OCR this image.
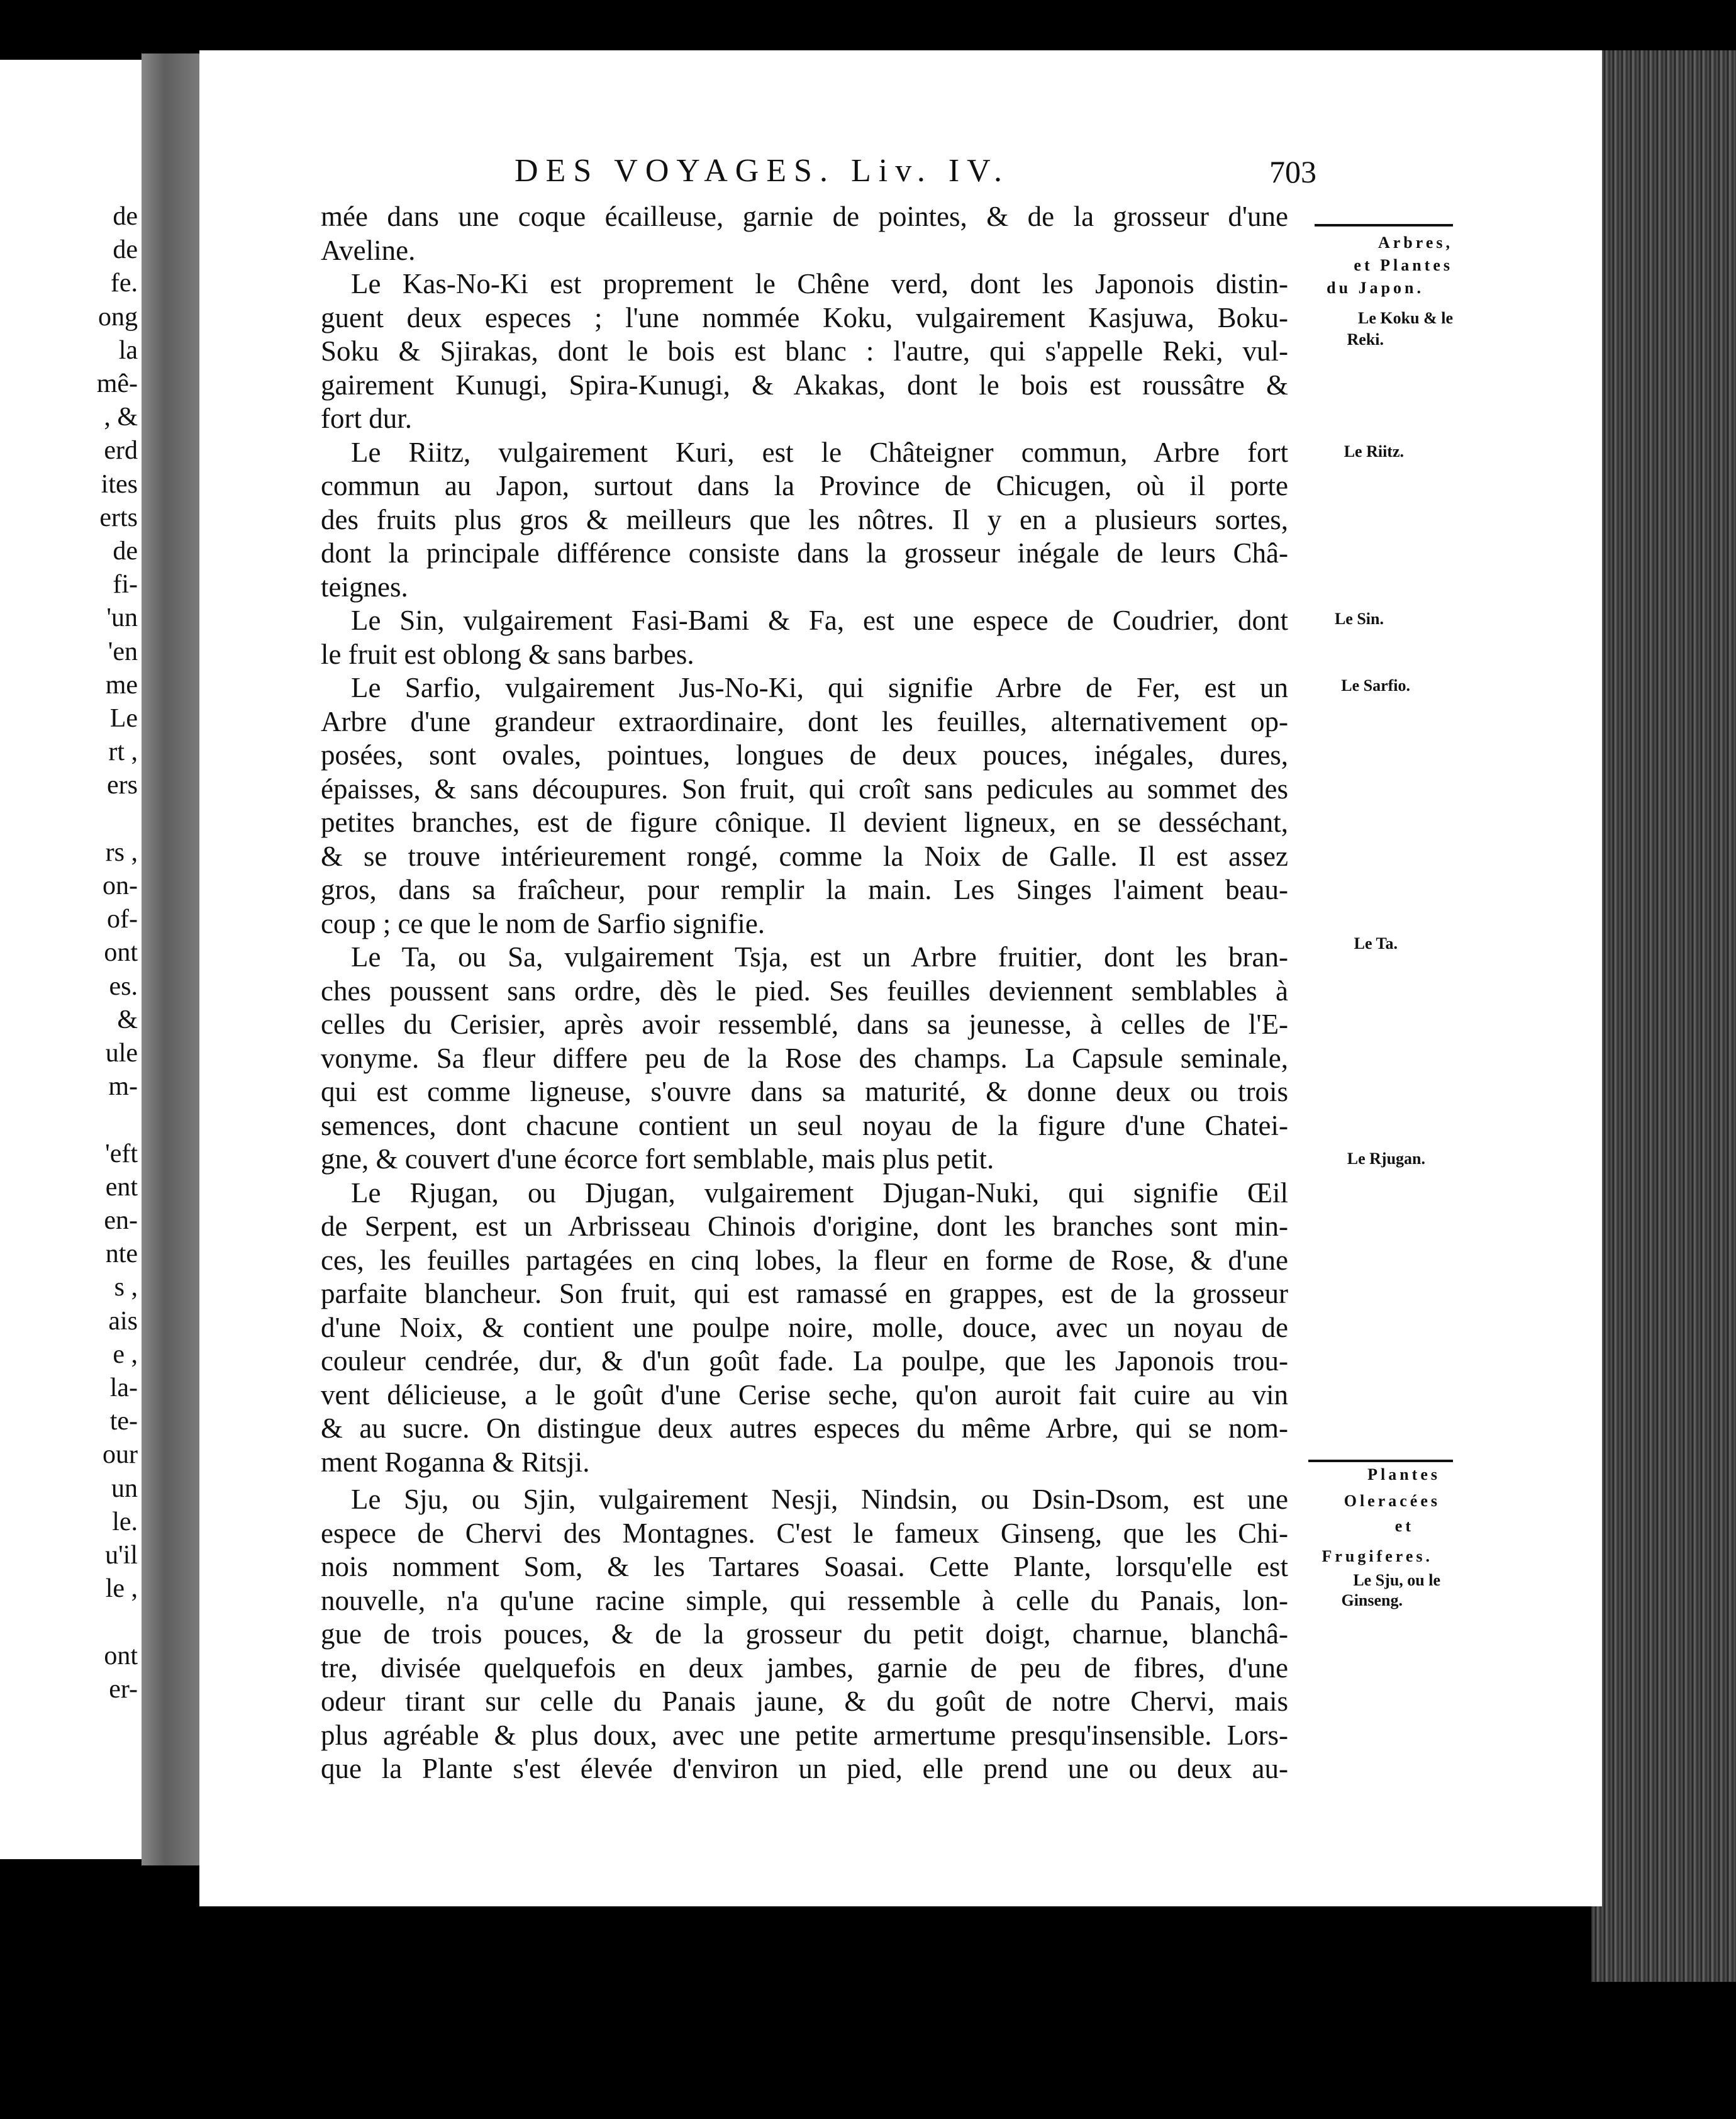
de
de
fe.
ong
la
mê-
, &
erd
ites
erts
de
fi-
'un
'en
me
Le
rt ,
ers
rs ,
on-
of-
ont
es.
&
ule
m-
'eft
ent
en-
nte
s ,
ais
e ,
la-
te-
our
un
le.
u'il
le ,
ont
er-
DES VOYAGES. Liv. IV.	703
mée dans une coque écailleuse, garnie de pointes, & de la grosseur d'une
Aveline.
Le Kas-No-Ki est proprement le Chêne verd, dont les Japonois distin-
guent deux especes ; l'une nommée Koku, vulgairement Kasjuwa, Boku-
Soku & Sjirakas, dont le bois est blanc : l'autre, qui s'appelle Reki, vul-
gairement Kunugi, Spira-Kunugi, & Akakas, dont le bois est roussâtre &
fort dur.
Le Riitz, vulgairement Kuri, est le Châteigner commun, Arbre fort
commun au Japon, surtout dans la Province de Chicugen, où il porte
des fruits plus gros & meilleurs que les nôtres. Il y en a plusieurs sortes,
dont la principale différence consiste dans la grosseur inégale de leurs Châ-
teignes.
Le Sin, vulgairement Fasi-Bami & Fa, est une espece de Coudrier, dont
le fruit est oblong & sans barbes.
Le Sarfio, vulgairement Jus-No-Ki, qui signifie Arbre de Fer, est un
Arbre d'une grandeur extraordinaire, dont les feuilles, alternativement op-
posées, sont ovales, pointues, longues de deux pouces, inégales, dures,
épaisses, & sans découpures. Son fruit, qui croît sans pedicules au sommet des
petites branches, est de figure cônique. Il devient ligneux, en se desséchant,
& se trouve intérieurement rongé, comme la Noix de Galle. Il est assez
gros, dans sa fraîcheur, pour remplir la main. Les Singes l'aiment beau-
coup ; ce que le nom de Sarfio signifie.
Le Ta, ou Sa, vulgairement Tsja, est un Arbre fruitier, dont les bran-
ches poussent sans ordre, dès le pied. Ses feuilles deviennent semblables à
celles du Cerisier, après avoir ressemblé, dans sa jeunesse, à celles de l'E-
vonyme. Sa fleur differe peu de la Rose des champs. La Capsule seminale,
qui est comme ligneuse, s'ouvre dans sa maturité, & donne deux ou trois
semences, dont chacune contient un seul noyau de la figure d'une Chatei-
gne, & couvert d'une écorce fort semblable, mais plus petit.
Le Rjugan, ou Djugan, vulgairement Djugan-Nuki, qui signifie Œil
de Serpent, est un Arbrisseau Chinois d'origine, dont les branches sont min-
ces, les feuilles partagées en cinq lobes, la fleur en forme de Rose, & d'une
parfaite blancheur. Son fruit, qui est ramassé en grappes, est de la grosseur
d'une Noix, & contient une poulpe noire, molle, douce, avec un noyau de
couleur cendrée, dur, & d'un goût fade. La poulpe, que les Japonois trou-
vent délicieuse, a le goût d'une Cerise seche, qu'on auroit fait cuire au vin
& au sucre. On distingue deux autres especes du même Arbre, qui se nom-
ment Roganna & Ritsji.
Le Sju, ou Sjin, vulgairement Nesji, Nindsin, ou Dsin-Dsom, est une
espece de Chervi des Montagnes. C'est le fameux Ginseng, que les Chi-
nois nomment Som, & les Tartares Soasai. Cette Plante, lorsqu'elle est
nouvelle, n'a qu'une racine simple, qui ressemble à celle du Panais, lon-
gue de trois pouces, & de la grosseur du petit doigt, charnue, blanchâ-
tre, divisée quelquefois en deux jambes, garnie de peu de fibres, d'une
odeur tirant sur celle du Panais jaune, & du goût de notre Chervi, mais
plus agréable & plus doux, avec une petite armertume presqu'insensible. Lors-
que la Plante s'est élevée d'environ un pied, elle prend une ou deux au-
Arbres,
et Plantes
du Japon.
Le Koku & le
Reki.
Le Riitz.
Le Sin.
Le Sarfio.
Le Ta.
Le Rjugan.
Plantes
Oleracées
et
Frugiferes.
Le Sju, ou le
Ginseng.
